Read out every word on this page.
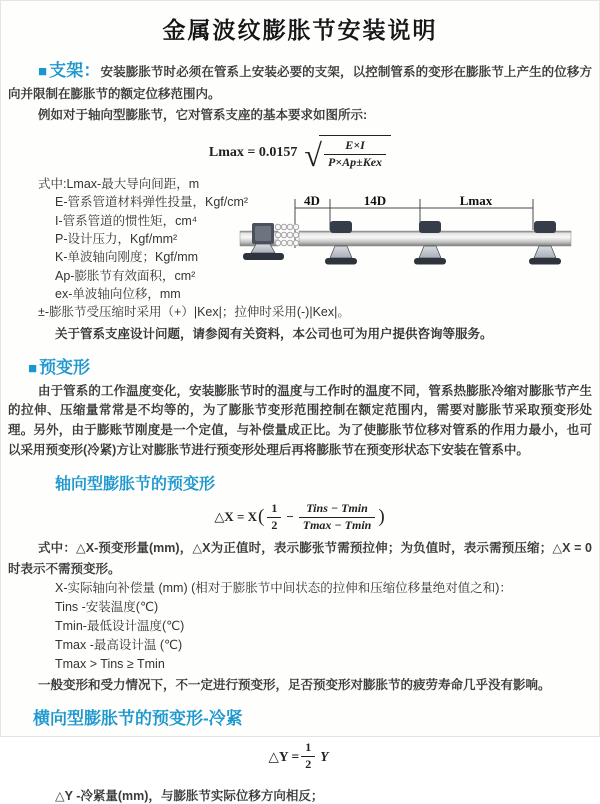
金属波纹膨胀节安装说明

■支架：安装膨胀节时必须在管系上安装必要的支架，以控制管系的变形在膨胀节上产生的位移方向并限制在膨胀节的额定位移范围内。

例如对于轴向型膨胀节，它对管系支座的基本要求如图所示:

Lmax = 0.0157 √ $\frac{E\times I}{\text{P×Ap±Kex}}$
式中:Lmax-最大导向间距，m
E-管系管道材料弹性投量，Kgf/cm²
I-管系管道的惯性矩，cm⁴
P-设计压力，Kgf/mm²
K-单波轴向刚度；Kgf/mm
Ap-膨胀节有效面积，cm²
ex-单波轴向位移，mm
±-膨胀节受压缩时采用（+）|Kex|；拉伸时采用(-)|Kex|。
关于管系支座设计问题，请参阅有关资料，本公司也可为用户提供咨询等服务。
4D	14D	Lmax
■预变形

由于管系的工作温度变化，安装膨胀节时的温度与工作时的温度不同，管系热膨胀冷缩对膨胀节产生的拉伸、压缩量常常是不均等的，为了膨胀节变形范围控制在额定范围内，需要对膨胀节采取预变形处理。另外，由于膨账节刚度是一个定值，与补偿量成正比。为了使膨胀节位移对管系的作用力最小，也可以采用预变形(冷紧)方让对膨胀节进行预变形处理后再将膨胀节在预变形状态下安装在管系中。

轴向型膨胀节的预变形
△X = X ( $\frac{1}{2} - \frac{\text{Tins − Tmin}}{Tmax - Tmin}$ )

式中：△X-预变形量(mm)，△X为正值时，表示膨张节需预拉伸；为负值时，表示需预压缩；△X = 0时表示不需预变形。

X-实际轴向补偿量 (mm) (相对于膨胀节中间状态的拉伸和压缩位移量绝对值之和)：
Tins -安装温度(℃)
Tmin-最低设计温度(℃)
Tmax -最高设计温 (℃)
Tmax > Tins ≥ Tmin

一般变形和受力情况下，不一定进行预变形，足否预变形对膨胀节的疲劳寿命几乎没有影响。

横向型膨胀节的预变形-冷紧
△Y = $\frac{1}{2}$ Y

△Y -冷紧量(mm)，与膨胀节实际位移方向相反；
